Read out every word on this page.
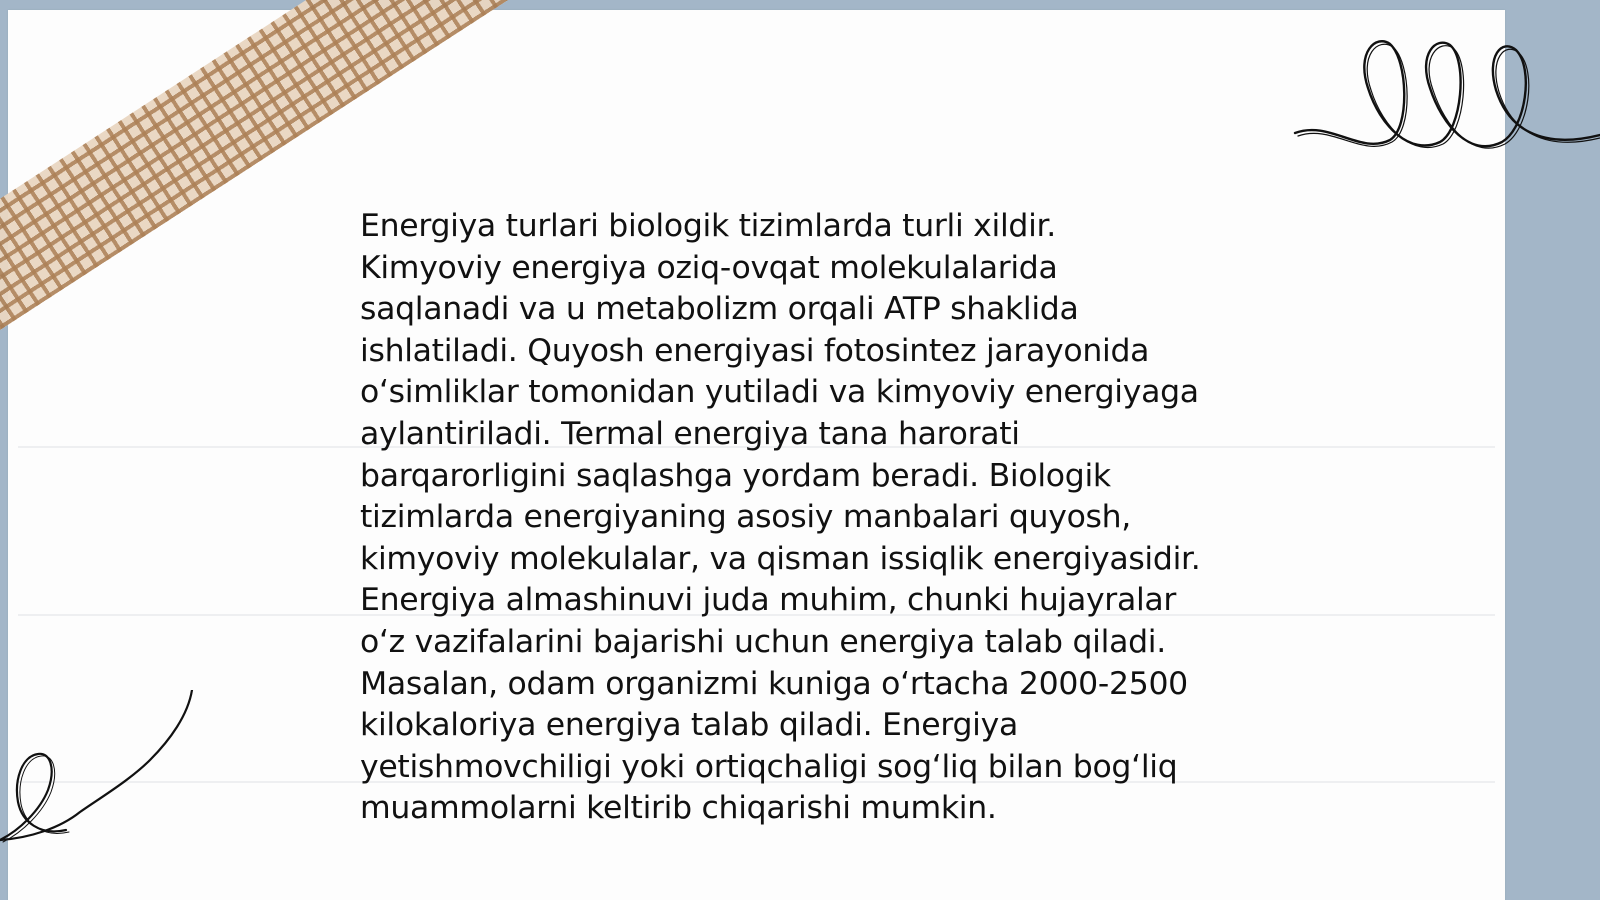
Energiya turlari biologik tizimlarda turli xildir.
Kimyoviy energiya oziq-ovqat molekulalarida
saqlanadi va u metabolizm orqali ATP shaklida
ishlatiladi. Quyosh energiyasi fotosintez jarayonida
oʻsimliklar tomonidan yutiladi va kimyoviy energiyaga
aylantiriladi. Termal energiya tana harorati
barqarorligini saqlashga yordam beradi. Biologik
tizimlarda energiyaning asosiy manbalari quyosh,
kimyoviy molekulalar, va qisman issiqlik energiyasidir.
Energiya almashinuvi juda muhim, chunki hujayralar
oʻz vazifalarini bajarishi uchun energiya talab qiladi.
Masalan, odam organizmi kuniga oʻrtacha 2000-2500
kilokaloriya energiya talab qiladi. Energiya
yetishmovchiligi yoki ortiqchaligi sogʻliq bilan bogʻliq
muammolarni keltirib chiqarishi mumkin.
